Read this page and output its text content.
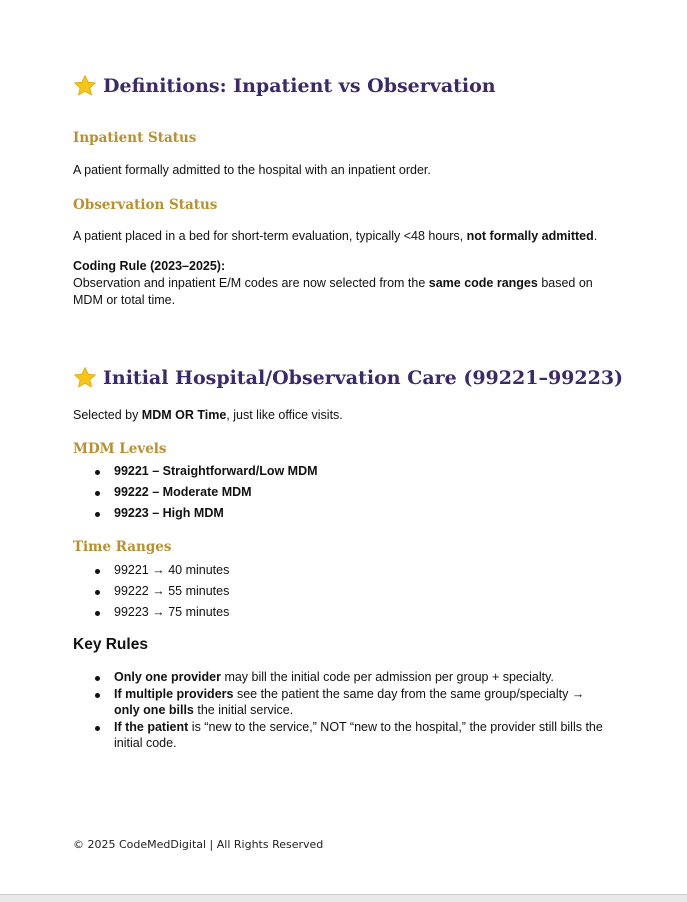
Definitions: Inpatient vs Observation
Inpatient Status

A patient formally admitted to the hospital with an inpatient order.

Observation Status

A patient placed in a bed for short-term evaluation, typically <48 hours, not formally admitted.

Coding Rule (2023–2025):
Observation and inpatient E/M codes are now selected from the same code ranges based on MDM or total time.

Initial Hospital/Observation Care (99221–99223)

Selected by MDM OR Time, just like office visits.

MDM Levels
99221 – Straightforward/Low MDM
99222 – Moderate MDM
99223 – High MDM
Time Ranges
99221 → 40 minutes
99222 → 55 minutes
99223 → 75 minutes
Key Rules
Only one provider may bill the initial code per admission per group + specialty.
If multiple providers see the patient the same day from the same group/specialty → only one bills the initial service.
If the patient is “new to the service,” NOT “new to the hospital,” the provider still bills the initial code.

© 2025 CodeMedDigital | All Rights Reserved
